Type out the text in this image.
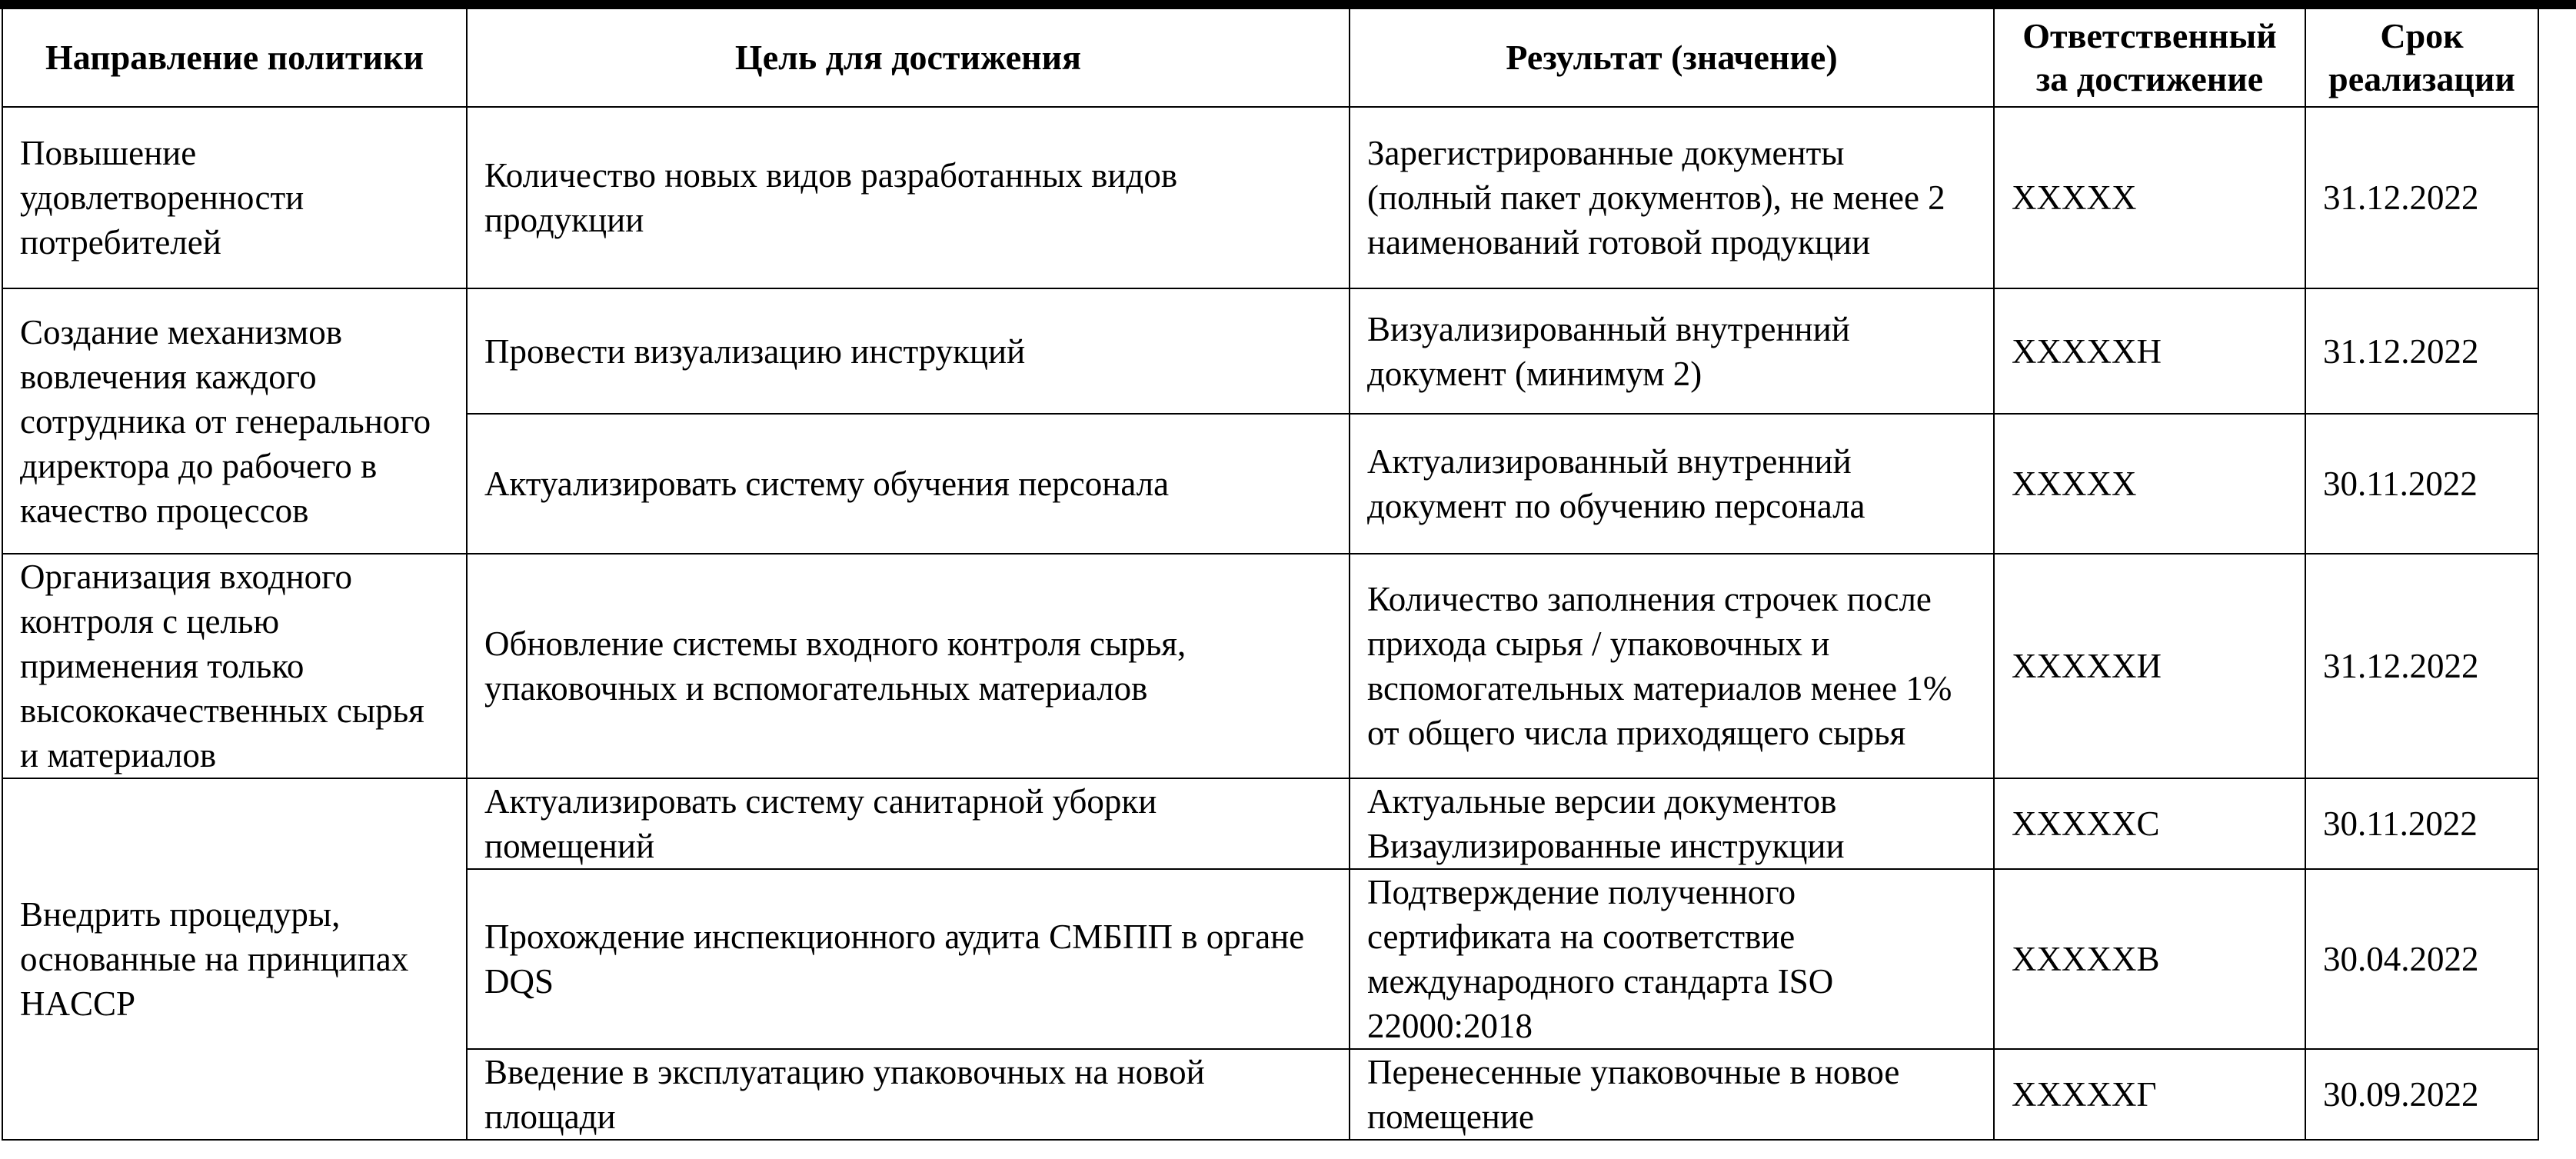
Направление политики	Цель для достижения	Результат (значение)	Ответственный за достижение	Срок реализации
Повышение удовлетворенности потребителей	Количество новых видов разработанных видов продукции	Зарегистрированные документы (полный пакет документов), не менее 2 наименований готовой продукции	XXXXX	31.12.2022
Создание механизмов вовлечения каждого сотрудника от генерального директора до рабочего в качество процессов	Провести визуализацию инструкций	Визуализированный внутренний документ (минимум 2)	XXXXXН	31.12.2022
	Актуализировать систему обучения персонала	Актуализированный внутренний документ по обучению персонала	XXXXX	30.11.2022
Организация входного контроля с целью применения только высококачественных сырья и материалов	Обновление системы входного контроля сырья, упаковочных и вспомогательных материалов	Количество заполнения строчек после прихода сырья / упаковочных и вспомогательных материалов менее 1% от общего числа приходящего сырья	XXXXXИ	31.12.2022
Внедрить процедуры, основанные на принципах HACCP	Актуализировать систему санитарной уборки помещений	Актуальные версии документов Визаулизированные инструкции	XXXXXС	30.11.2022
	Прохождение инспекционного аудита СМБПП в органе DQS	Подтверждение полученного сертификата на соответствие международного стандарта ISO 22000:2018	XXXXXВ	30.04.2022
	Введение в эксплуатацию упаковочных на новой площади	Перенесенные упаковочные в новое помещение	XXXXXГ	30.09.2022
